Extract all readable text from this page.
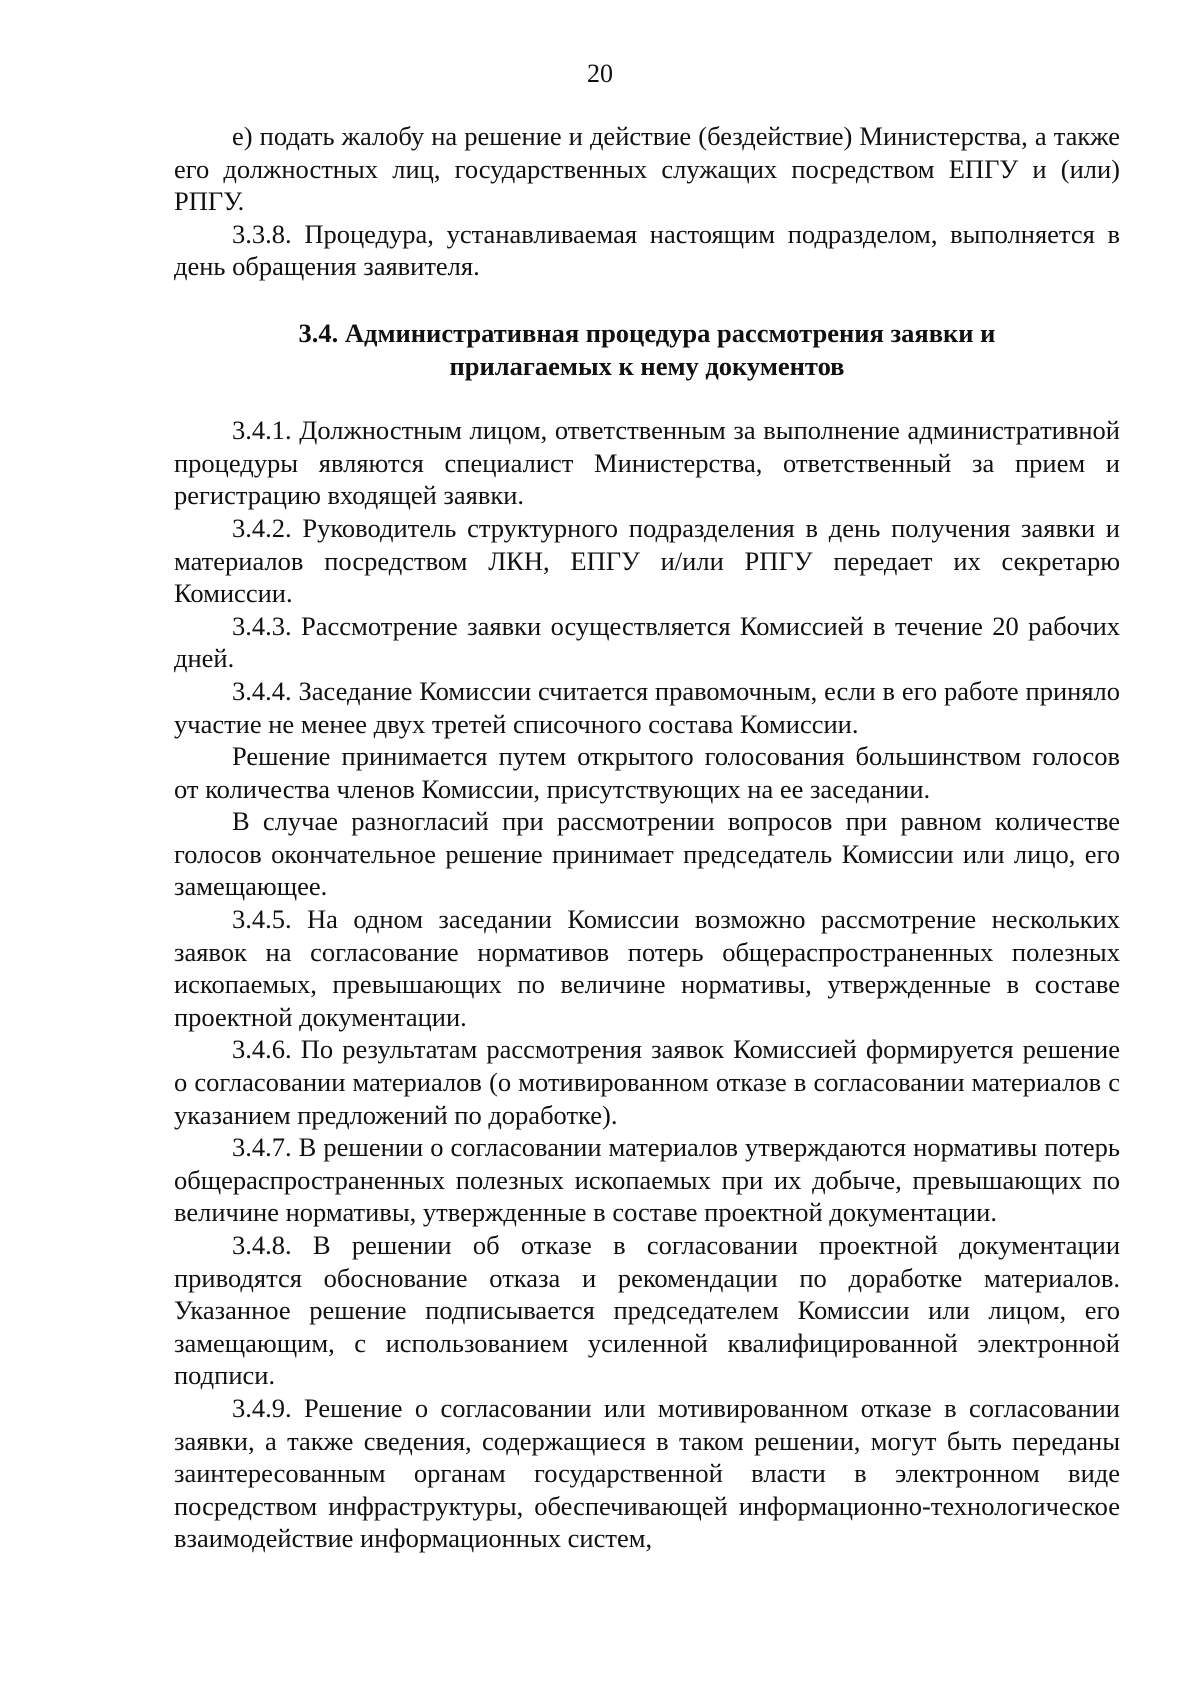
20

е) подать жалобу на решение и действие (бездействие) Министерства, а также его должностных лиц, государственных служащих посредством ЕПГУ и (или) РПГУ.

3.3.8. Процедура, устанавливаемая настоящим подразделом, выполняется в день обращения заявителя.

3.4. Административная процедура рассмотрения заявки и
прилагаемых к нему документов

3.4.1. Должностным лицом, ответственным за выполнение административной процедуры являются специалист Министерства, ответственный за прием и регистрацию входящей заявки.

3.4.2. Руководитель структурного подразделения в день получения заявки и материалов посредством ЛКН, ЕПГУ и/или РПГУ передает их секретарю Комиссии.

3.4.3. Рассмотрение заявки осуществляется Комиссией в течение 20 рабочих дней.

3.4.4. Заседание Комиссии считается правомочным, если в его работе приняло участие не менее двух третей списочного состава Комиссии.

Решение принимается путем открытого голосования большинством голосов от количества членов Комиссии, присутствующих на ее заседании.

В случае разногласий при рассмотрении вопросов при равном количестве голосов окончательное решение принимает председатель Комиссии или лицо, его замещающее.

3.4.5. На одном заседании Комиссии возможно рассмотрение нескольких заявок на согласование нормативов потерь общераспространенных полезных ископаемых, превышающих по величине нормативы, утвержденные в составе проектной документации.

3.4.6. По результатам рассмотрения заявок Комиссией формируется решение о согласовании материалов (о мотивированном отказе в согласовании материалов с указанием предложений по доработке).

3.4.7. В решении о согласовании материалов утверждаются нормативы потерь общераспространенных полезных ископаемых при их добыче, превышающих по величине нормативы, утвержденные в составе проектной документации.

3.4.8. В решении об отказе в согласовании проектной документации приводятся обоснование отказа и рекомендации по доработке материалов. Указанное решение подписывается председателем Комиссии или лицом, его замещающим, с использованием усиленной квалифицированной электронной подписи.

3.4.9. Решение о согласовании или мотивированном отказе в согласовании заявки, а также сведения, содержащиеся в таком решении, могут быть переданы заинтересованным органам государственной власти в электронном виде посредством инфраструктуры, обеспечивающей информационно-технологическое взаимодействие информационных систем,
